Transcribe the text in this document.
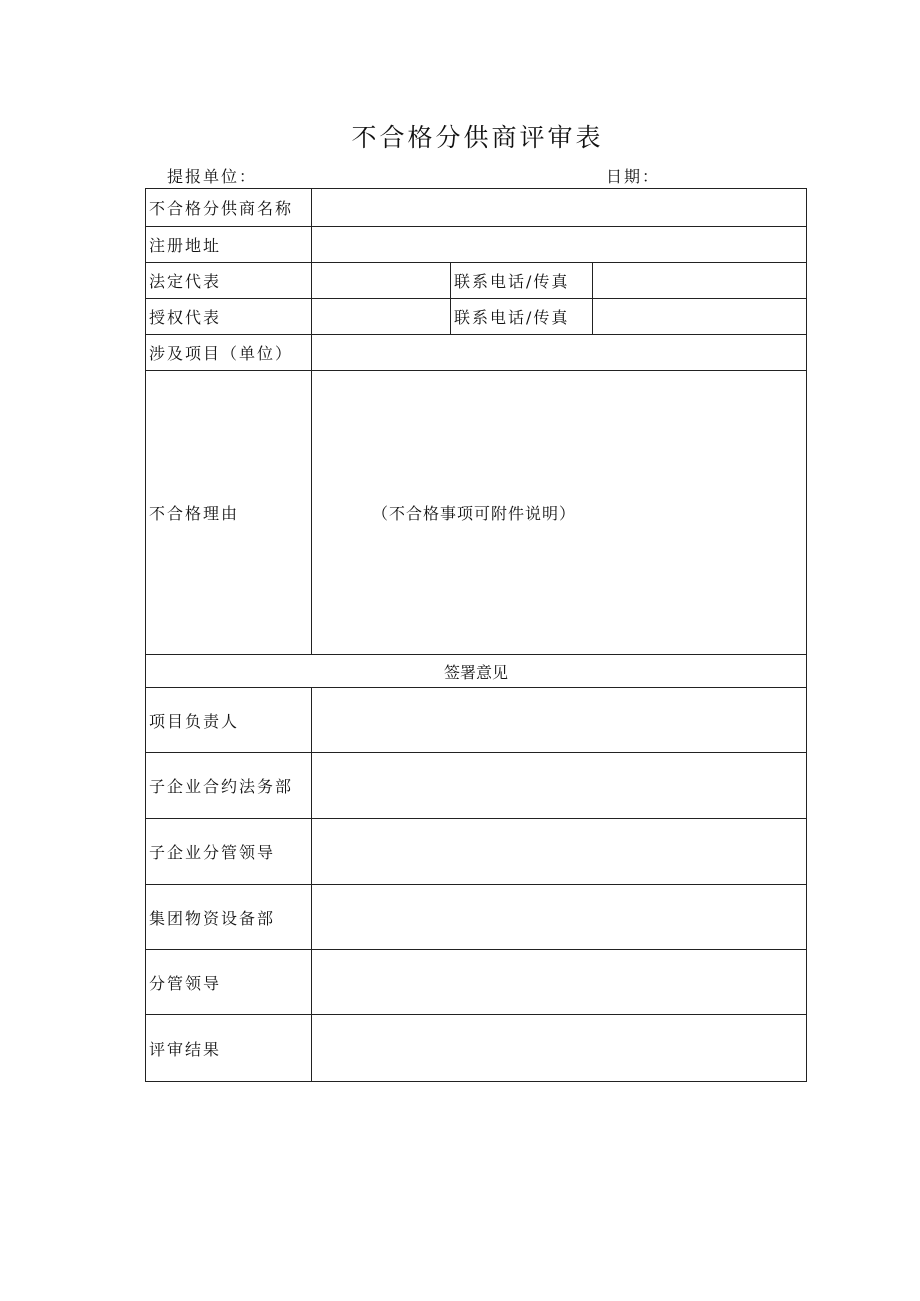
不合格分供商评审表
提报单位：	日期：
不合格分供商名称			
注册地址			
法定代表		联系电话/传真	
授权代表		联系电话/传真	
涉及项目（单位）			
不合格理由	（不合格事项可附件说明）		
签署意见			
项目负责人			
子企业合约法务部			
子企业分管领导			
集团物资设备部			
分管领导			
评审结果			
